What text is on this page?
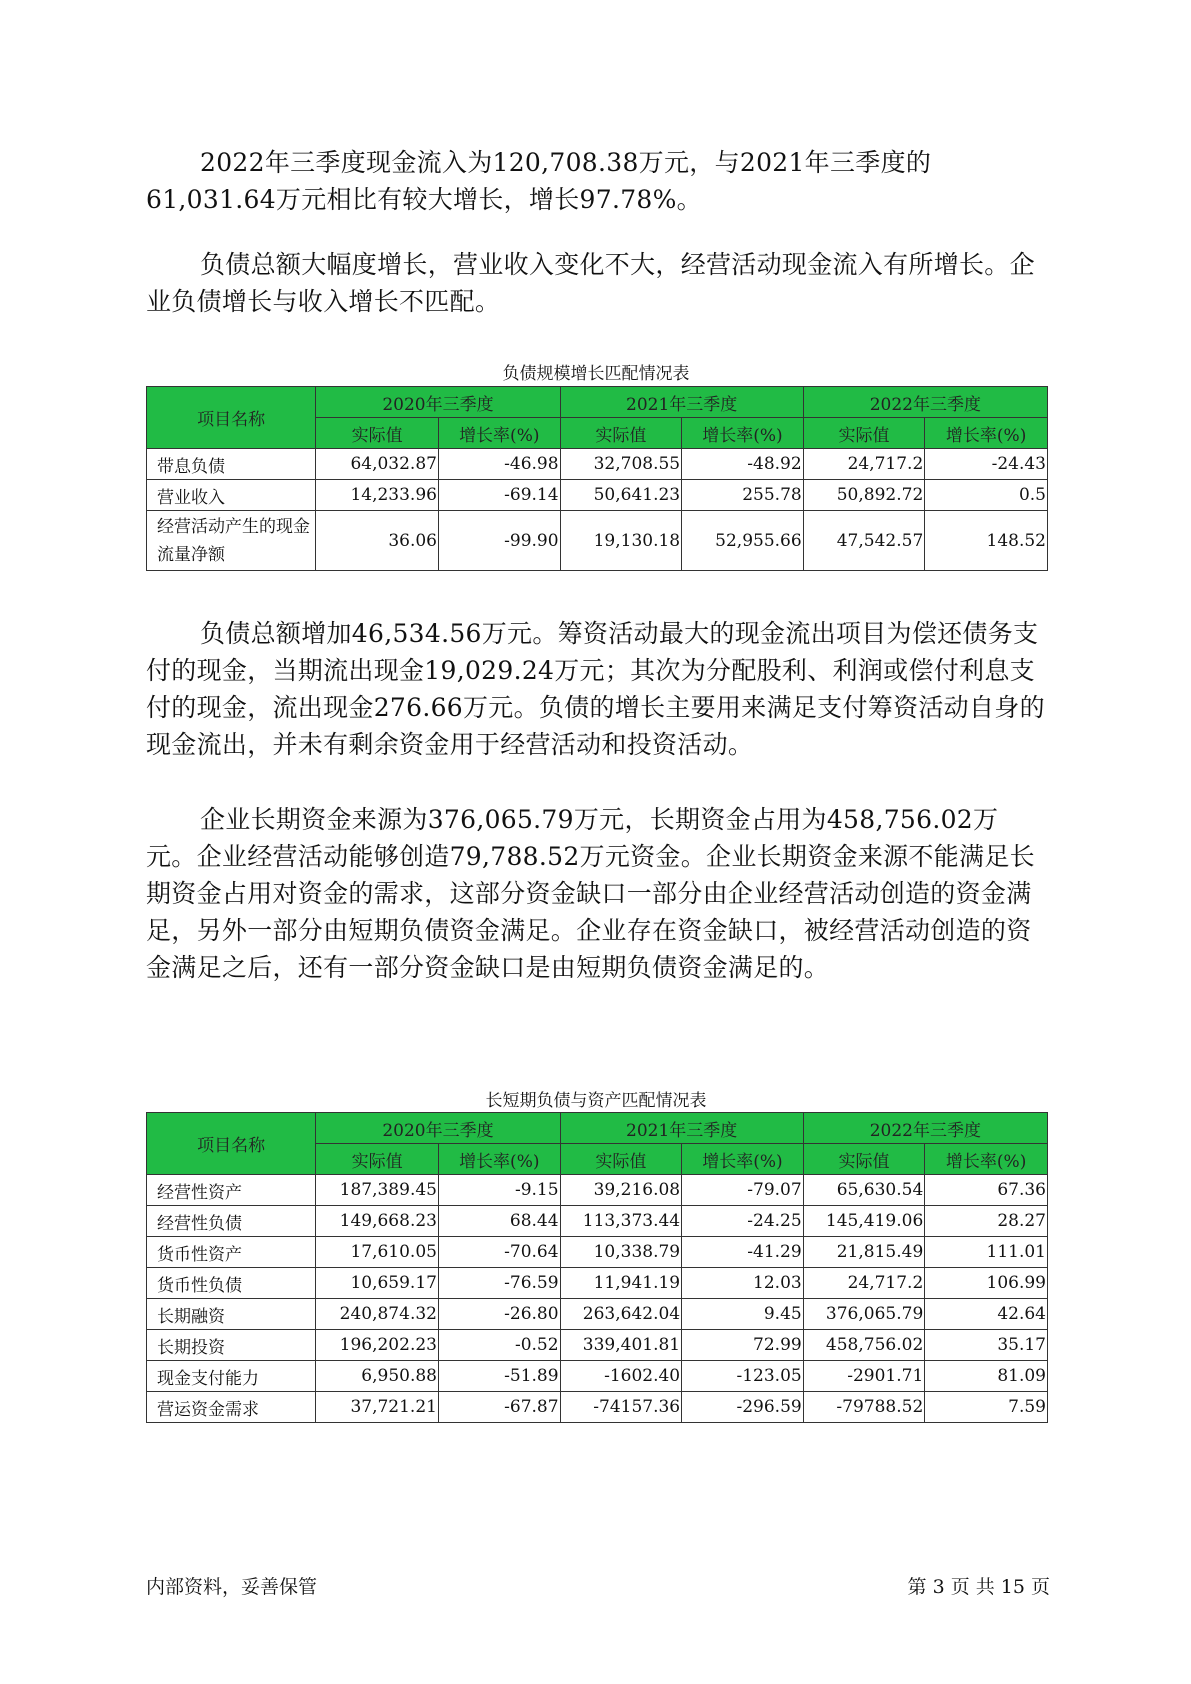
2022年三季度现金流入为120,708.38万元，与2021年三季度的61,031.64万元相比有较大增长，增长97.78%。

负债总额大幅度增长，营业收入变化不大，经营活动现金流入有所增长。企业负债增长与收入增长不匹配。

负债规模增长匹配情况表
项目名称	2020年三季度		2021年三季度		2022年三季度	
	实际值	增长率(%)	实际值	增长率(%)	实际值	增长率(%)
带息负债	64,032.87	-46.98	32,708.55	-48.92	24,717.2	-24.43
营业收入	14,233.96	-69.14	50,641.23	255.78	50,892.72	0.5
经营活动产生的现金流量净额	36.06	-99.90	19,130.18	52,955.66	47,542.57	148.52

负债总额增加46,534.56万元。筹资活动最大的现金流出项目为偿还债务支付的现金，当期流出现金19,029.24万元；其次为分配股利、利润或偿付利息支付的现金，流出现金276.66万元。负债的增长主要用来满足支付筹资活动自身的现金流出，并未有剩余资金用于经营活动和投资活动。

企业长期资金来源为376,065.79万元，长期资金占用为458,756.02万元。企业经营活动能够创造79,788.52万元资金。企业长期资金来源不能满足长期资金占用对资金的需求，这部分资金缺口一部分由企业经营活动创造的资金满足，另外一部分由短期负债资金满足。企业存在资金缺口，被经营活动创造的资金满足之后，还有一部分资金缺口是由短期负债资金满足的。

长短期负债与资产匹配情况表
项目名称	2020年三季度		2021年三季度		2022年三季度	
	实际值	增长率(%)	实际值	增长率(%)	实际值	增长率(%)
经营性资产	187,389.45	-9.15	39,216.08	-79.07	65,630.54	67.36
经营性负债	149,668.23	68.44	113,373.44	-24.25	145,419.06	28.27
货币性资产	17,610.05	-70.64	10,338.79	-41.29	21,815.49	111.01
货币性负债	10,659.17	-76.59	11,941.19	12.03	24,717.2	106.99
长期融资	240,874.32	-26.80	263,642.04	9.45	376,065.79	42.64
长期投资	196,202.23	-0.52	339,401.81	72.99	458,756.02	35.17
现金支付能力	6,950.88	-51.89	-1602.40	-123.05	-2901.71	81.09
营运资金需求	37,721.21	-67.87	-74157.36	-296.59	-79788.52	7.59
内部资料，妥善保管	第 3 页 共 15 页
